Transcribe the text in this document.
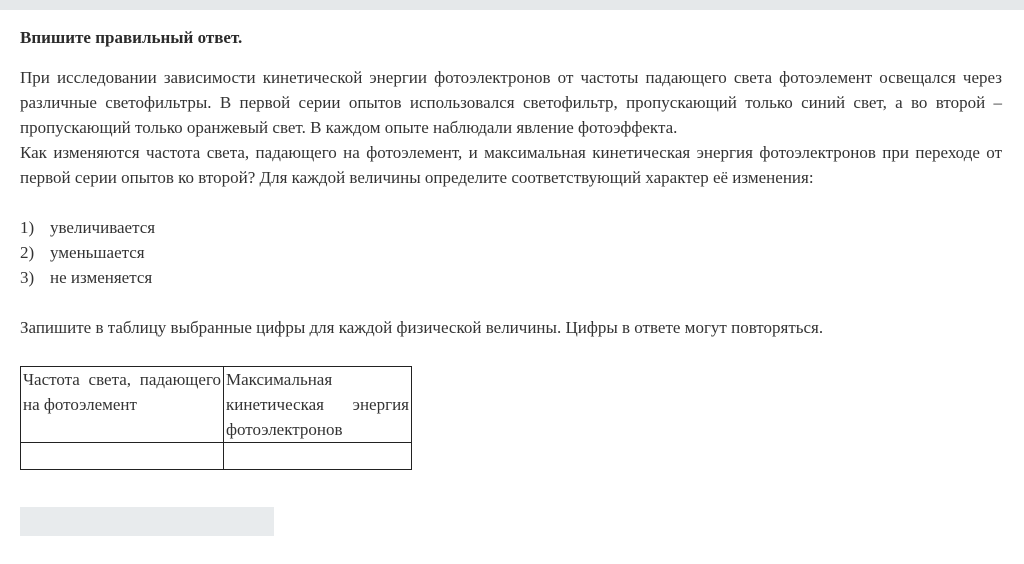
Впишите правильный ответ.

При исследовании зависимости кинетической энергии фотоэлектронов от частоты падающего света фотоэлемент освещался через различные светофильтры. В первой серии опытов использовался светофильтр, пропускающий только синий свет, а во второй – пропускающий только оранжевый свет. В каждом опыте наблюдали явление фотоэффекта.

Как изменяются частота света, падающего на фотоэлемент, и максимальная кинетическая энергия фотоэлектронов при переходе от первой серии опытов ко второй? Для каждой величины определите соответствующий характер её изменения:

1) увеличивается
2) уменьшается
3) не изменяется

Запишите в таблицу выбранные цифры для каждой физической величины. Цифры в ответе могут повторяться.

Частота света, падающего на фотоэлемент	Максимальная кинетическая энергия фотоэлектронов
